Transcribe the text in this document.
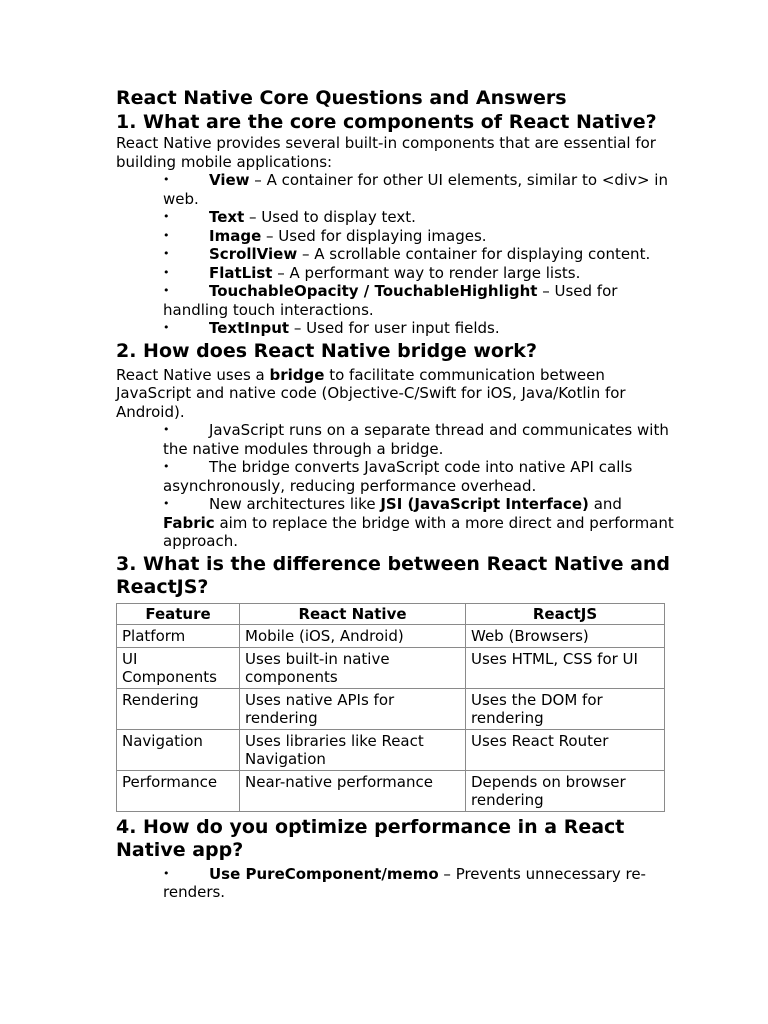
React Native Core Questions and Answers
1. What are the core components of React Native?

React Native provides several built-in components that are essential for building mobile applications:

•	View – A container for other UI elements, similar to <div> in web.
•	Text – Used to display text.
•	Image – Used for displaying images.
•	ScrollView – A scrollable container for displaying content.
•	FlatList – A performant way to render large lists.
•	TouchableOpacity / TouchableHighlight – Used for handling touch interactions.
•	TextInput – Used for user input fields.
2. How does React Native bridge work?

React Native uses a bridge to facilitate communication between JavaScript and native code (Objective-C/Swift for iOS, Java/Kotlin for Android).

•	JavaScript runs on a separate thread and communicates with the native modules through a bridge.
•	The bridge converts JavaScript code into native API calls asynchronously, reducing performance overhead.
•	New architectures like JSI (JavaScript Interface) and Fabric aim to replace the bridge with a more direct and performant approach.
3. What is the difference between React Native and ReactJS?
Feature	React Native	ReactJS
Platform	Mobile (iOS, Android)	Web (Browsers)
UI Components	Uses built-in native components	Uses HTML, CSS for UI
Rendering	Uses native APIs for rendering	Uses the DOM for rendering
Navigation	Uses libraries like React Navigation	Uses React Router
Performance	Near-native performance	Depends on browser rendering
4. How do you optimize performance in a React Native app?
•	Use PureComponent/memo – Prevents unnecessary re-renders.
